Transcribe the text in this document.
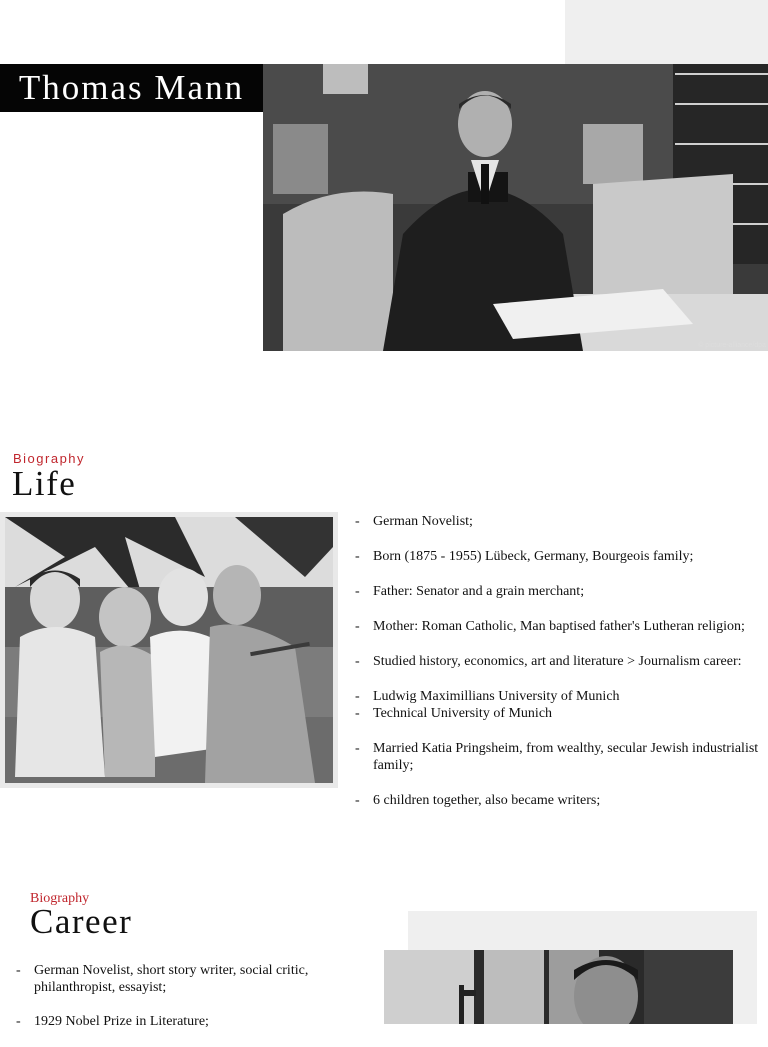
Thomas Mann
© picture-alliance/dpa
Biography
Life
- German Novelist;
- Born (1875 - 1955) Lübeck, Germany, Bourgeois family;
- Father: Senator and a grain merchant;
- Mother: Roman Catholic, Man baptised father's Lutheran religion;
- Studied history, economics, art and literature > Journalism career:
- Ludwig Maximillians University of Munich
- Technical University of Munich
- Married Katia Pringsheim, from wealthy, secular Jewish industrialist family;
- 6 children together, also became writers;
Biography
Career
- German Novelist, short story writer, social critic, philanthropist, essayist;
- 1929 Nobel Prize in Literature;
